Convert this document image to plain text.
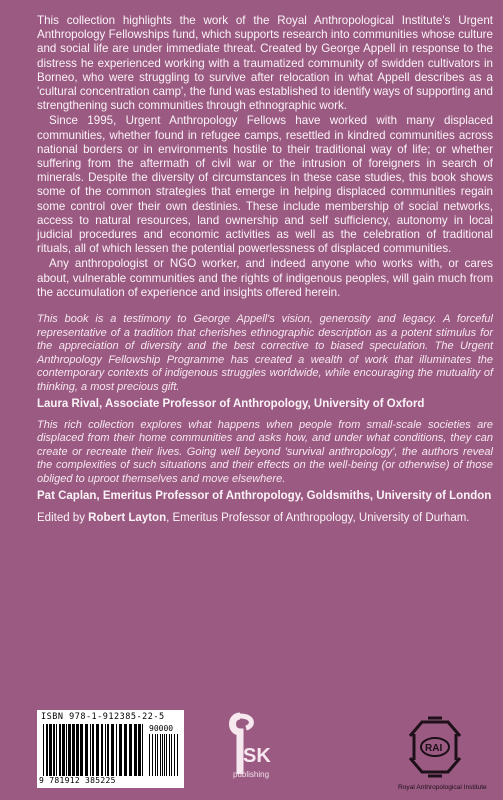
This collection highlights the work of the Royal Anthropological Institute's Urgent Anthropology Fellowships fund, which supports research into communities whose culture and social life are under immediate threat. Created by George Appell in response to the distress he experienced working with a traumatized community of swidden cultivators in Borneo, who were struggling to survive after relocation in what Appell describes as a 'cultural concentration camp', the fund was established to identify ways of supporting and strengthening such communities through ethnographic work.

Since 1995, Urgent Anthropology Fellows have worked with many displaced communities, whether found in refugee camps, resettled in kindred communities across national borders or in environments hostile to their traditional way of life; or whether suffering from the aftermath of civil war or the intrusion of foreigners in search of minerals. Despite the diversity of circumstances in these case studies, this book shows some of the common strategies that emerge in helping displaced communities regain some control over their own destinies. These include membership of social networks, access to natural resources, land ownership and self sufficiency, autonomy in local judicial procedures and economic activities as well as the celebration of traditional rituals, all of which lessen the potential powerlessness of displaced communities.

Any anthropologist or NGO worker, and indeed anyone who works with, or cares about, vulnerable communities and the rights of indigenous peoples, will gain much from the accumulation of experience and insights offered herein.

This book is a testimony to George Appell's vision, generosity and legacy. A forceful representative of a tradition that cherishes ethnographic description as a potent stimulus for the appreciation of diversity and the best corrective to biased speculation. The Urgent Anthropology Fellowship Programme has created a wealth of work that illuminates the contemporary contexts of indigenous struggles worldwide, while encouraging the mutuality of thinking, a most precious gift.

Laura Rival, Associate Professor of Anthropology, University of Oxford

This rich collection explores what happens when people from small-scale societies are displaced from their home communities and asks how, and under what conditions, they can create or recreate their lives. Going well beyond 'survival anthropology', the authors reveal the complexities of such situations and their effects on the well-being (or otherwise) of those obliged to uproot themselves and move elsewhere.

Pat Caplan, Emeritus Professor of Anthropology, Goldsmiths, University of London

Edited by Robert Layton, Emeritus Professor of Anthropology, University of Durham.
ISBN 978-1-912385-22-5
90000
9 781912 385225
SK
publishing
RAI
Royal Anthropological Institute
